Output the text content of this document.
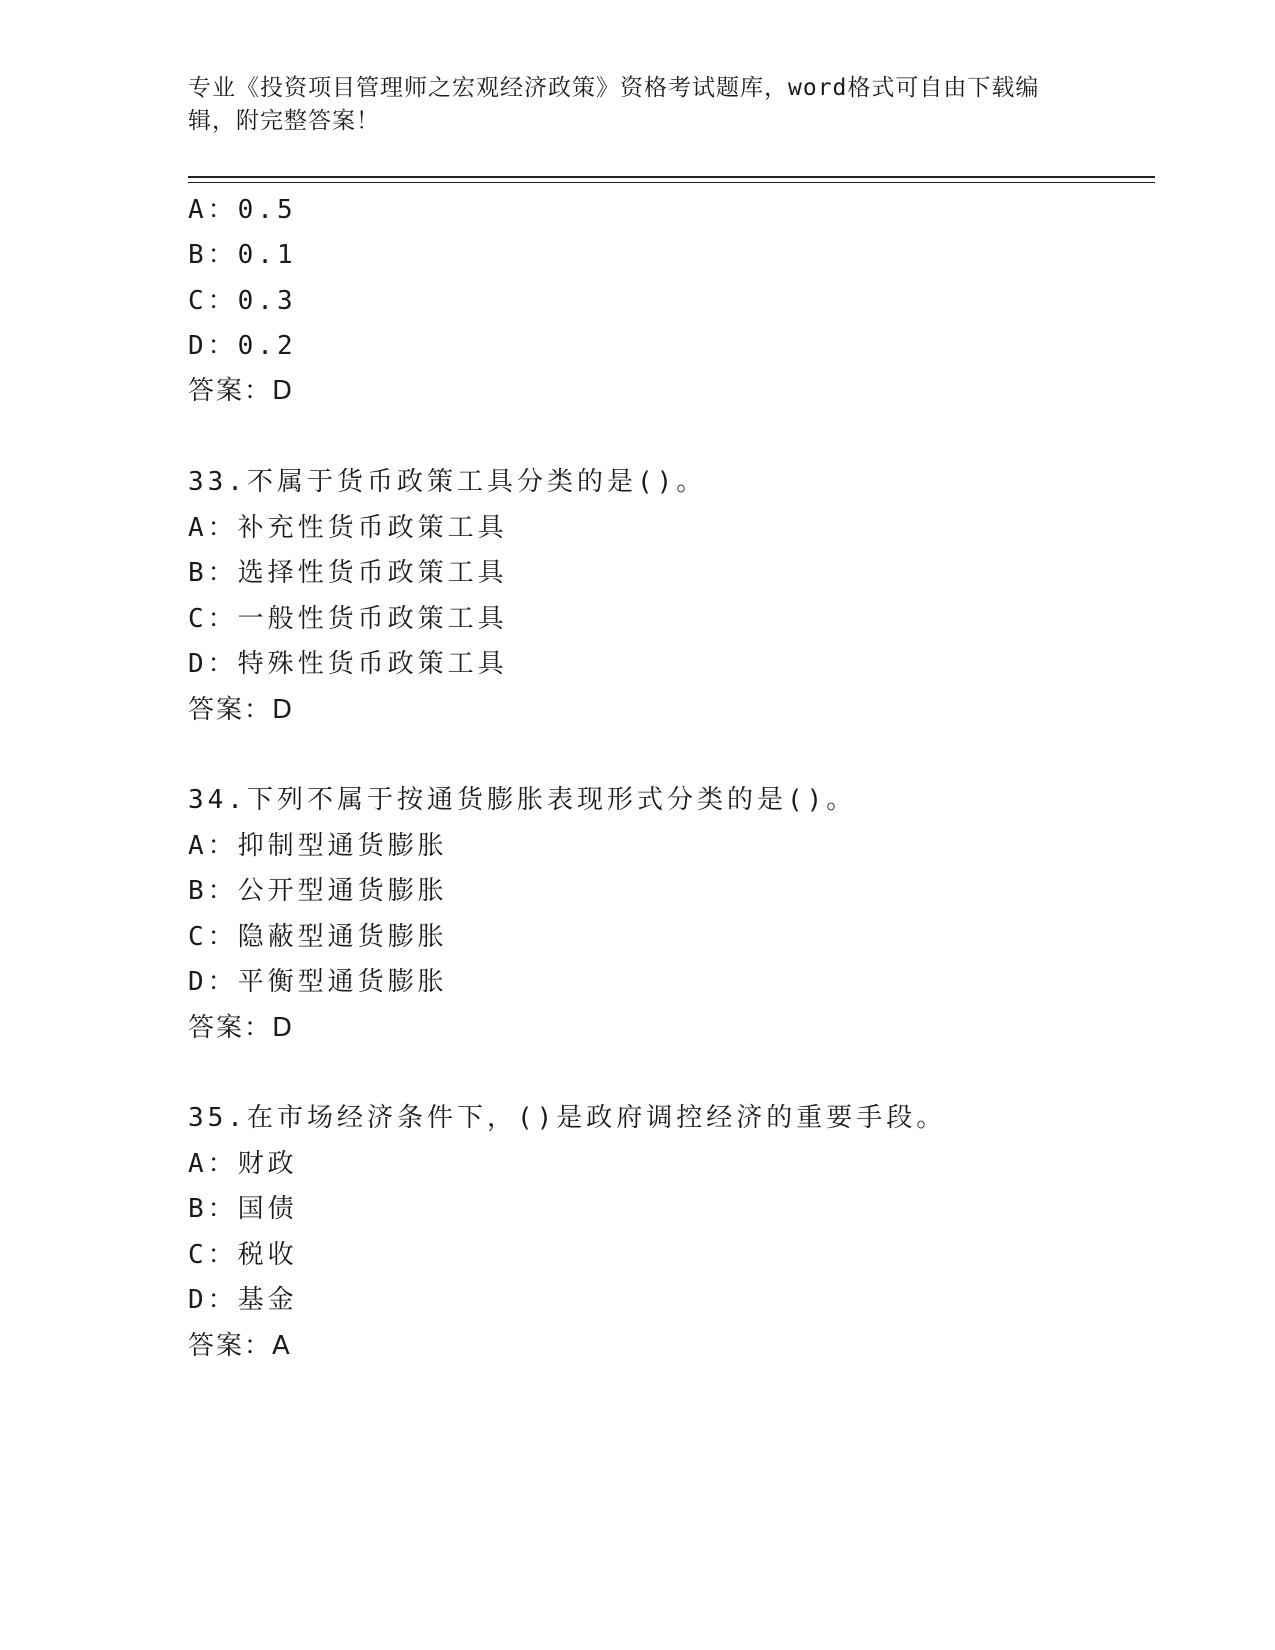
专业《投资项目管理师之宏观经济政策》资格考试题库，word格式可自由下载编辑，附完整答案！
A：0.5
B：0.1
C：0.3
D：0.2
答案：D
33.不属于货币政策工具分类的是()。
A：补充性货币政策工具
B：选择性货币政策工具
C：一般性货币政策工具
D：特殊性货币政策工具
答案：D
34.下列不属于按通货膨胀表现形式分类的是()。
A：抑制型通货膨胀
B：公开型通货膨胀
C：隐蔽型通货膨胀
D：平衡型通货膨胀
答案：D
35.在市场经济条件下，()是政府调控经济的重要手段。
A：财政
B：国债
C：税收
D：基金
答案：A
